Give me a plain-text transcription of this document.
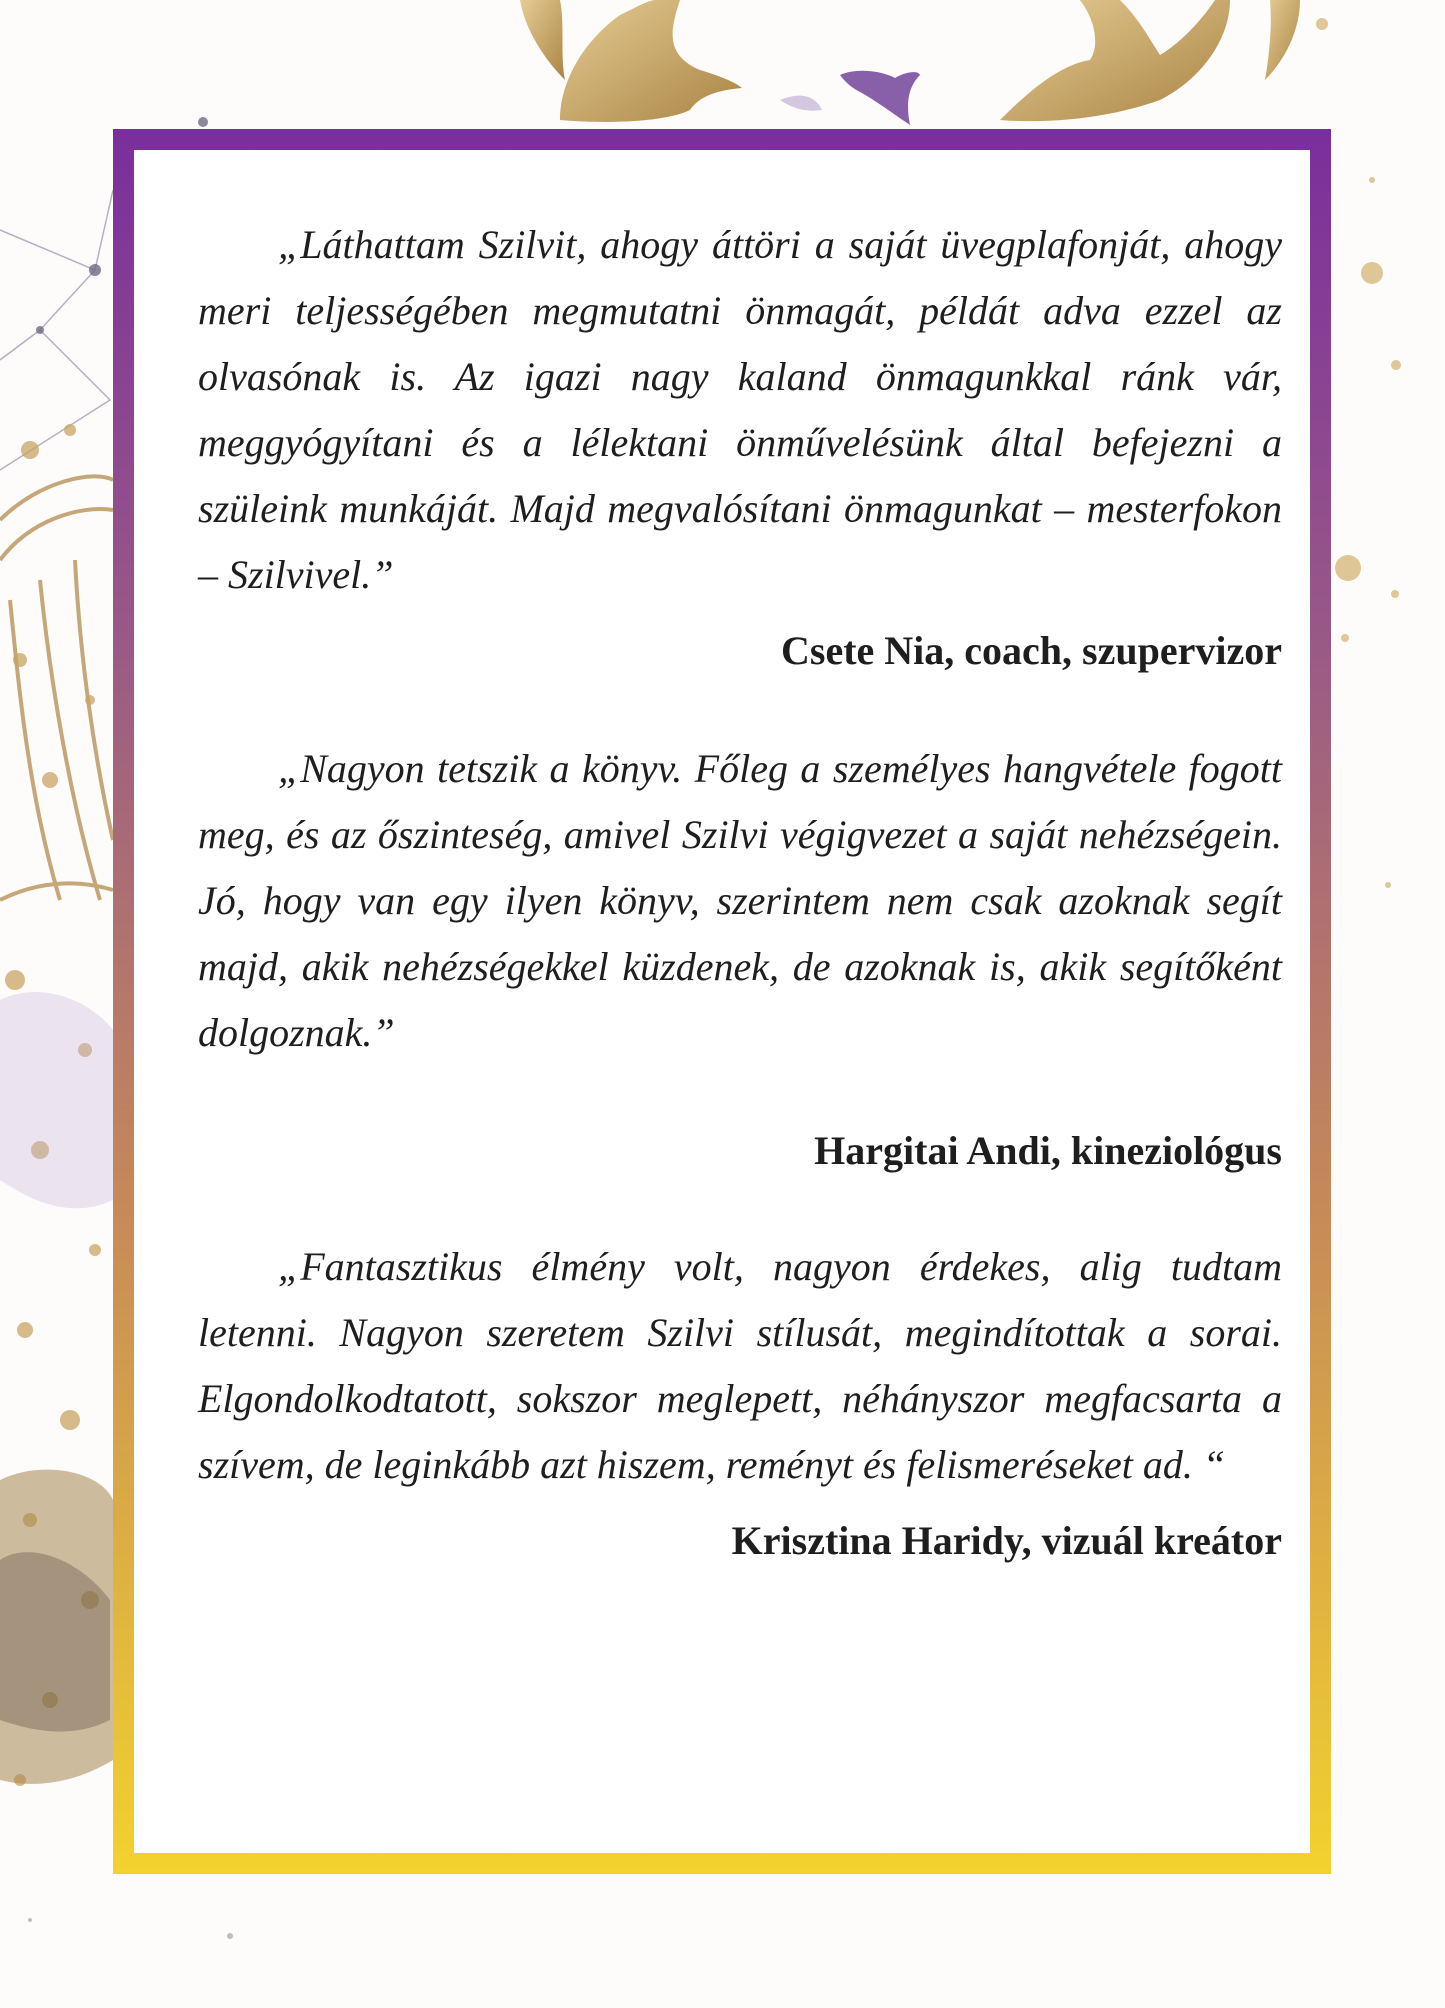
„Láthattam Szilvit, ahogy áttöri a saját üvegplafonját, ahogy meri teljességében megmutatni önmagát, példát adva ezzel az olvasónak is. Az igazi nagy kaland önmagunkkal ránk vár, meggyógyítani és a lélektani önművelésünk által befejezni a szüleink munkáját. Majd megvalósítani önmagunkat – mesterfokon – Szilvivel.”

Csete Nia, coach, szupervizor

„Nagyon tetszik a könyv. Főleg a személyes hangvétele fogott meg, és az őszinteség, amivel Szilvi végigvezet a saját nehézségein. Jó, hogy van egy ilyen könyv, szerintem nem csak azoknak segít majd, akik nehézségekkel küzdenek, de azoknak is, akik segítőként dolgoznak.”

Hargitai Andi, kineziológus

„Fantasztikus élmény volt, nagyon érdekes, alig tudtam letenni. Nagyon szeretem Szilvi stílusát, megindítottak a sorai. Elgondolkodtatott, sokszor meglepett, néhányszor megfacsarta a szívem, de leginkább azt hiszem, reményt és felismeréseket ad. “

Krisztina Haridy, vizuál kreátor
